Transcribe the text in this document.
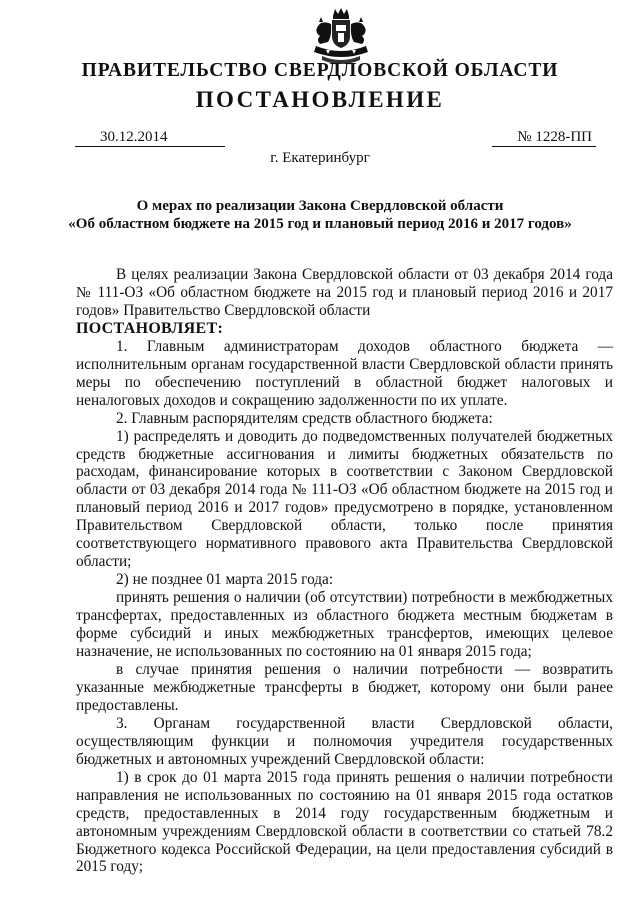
ПРАВИТЕЛЬСТВО СВЕРДЛОВСКОЙ ОБЛАСТИ
ПОСТАНОВЛЕНИЕ
30.12.2014	№ 1228-ПП
г. Екатеринбург
О мерах по реализации Закона Свердловской области
«Об областном бюджете на 2015 год и плановый период 2016 и 2017 годов»

В целях реализации Закона Свердловской области от 03 декабря 2014 года № 111-ОЗ «Об областном бюджете на 2015 год и плановый период 2016 и 2017 годов» Правительство Свердловской области

ПОСТАНОВЛЯЕТ:

1. Главным администраторам доходов областного бюджета — исполнительным органам государственной власти Свердловской области принять меры по обеспечению поступлений в областной бюджет налоговых и неналоговых доходов и сокращению задолженности по их уплате.

2. Главным распорядителям средств областного бюджета:

1) распределять и доводить до подведомственных получателей бюджетных средств бюджетные ассигнования и лимиты бюджетных обязательств по расходам, финансирование которых в соответствии с Законом Свердловской области от 03 декабря 2014 года № 111-ОЗ «Об областном бюджете на 2015 год и плановый период 2016 и 2017 годов» предусмотрено в порядке, установленном Правительством Свердловской области, только после принятия соответствующего нормативного правового акта Правительства Свердловской области;

2) не позднее 01 марта 2015 года:

принять решения о наличии (об отсутствии) потребности в межбюджетных трансфертах, предоставленных из областного бюджета местным бюджетам в форме субсидий и иных межбюджетных трансфертов, имеющих целевое назначение, не использованных по состоянию на 01 января 2015 года;

в случае принятия решения о наличии потребности — возвратить указанные межбюджетные трансферты в бюджет, которому они были ранее предоставлены.

3. Органам государственной власти Свердловской области, осуществляющим функции и полномочия учредителя государственных бюджетных и автономных учреждений Свердловской области:

1) в срок до 01 марта 2015 года принять решения о наличии потребности направления не использованных по состоянию на 01 января 2015 года остатков средств, предоставленных в 2014 году государственным бюджетным и автономным учреждениям Свердловской области в соответствии со статьей 78.2 Бюджетного кодекса Российской Федерации, на цели предоставления субсидий в 2015 году;
